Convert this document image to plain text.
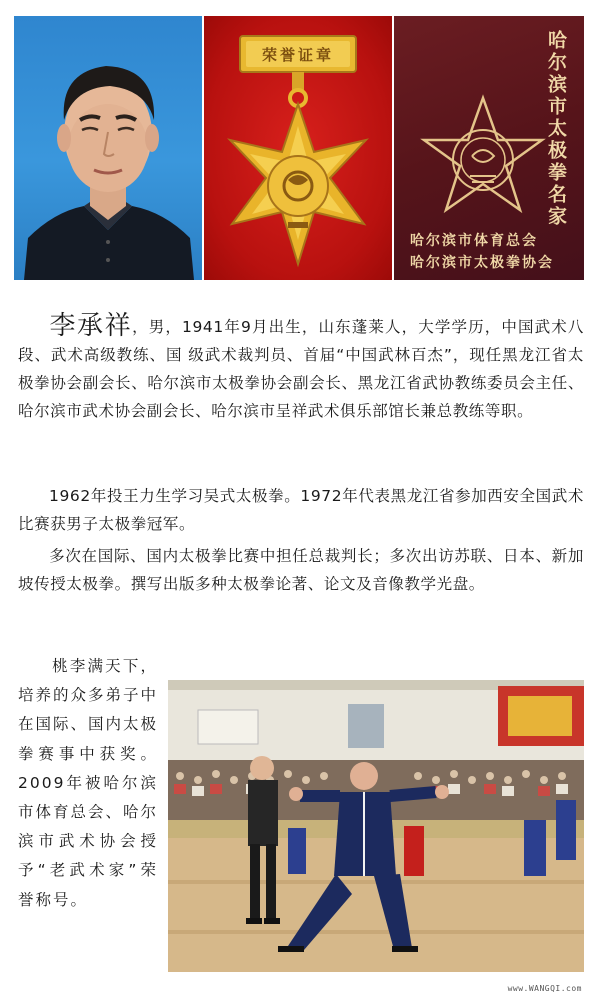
荣誉证章	哈尔滨市太极拳名家
哈尔滨市体育总会
哈尔滨市太极拳协会

李承祥，男，1941年9月出生，山东蓬莱人，大学学历，中国武术八段、武术高级教练、国 级武术裁判员、首届“中国武林百杰”，现任黑龙江省太极拳协会副会长、哈尔滨市太极拳协会副会长、黑龙江省武协教练委员会主任、哈尔滨市武术协会副会长、哈尔滨市呈祥武术俱乐部馆长兼总教练等职。

1962年投王力生学习吴式太极拳。1972年代表黑龙江省参加西安全国武术比赛获男子太极拳冠军。

多次在国际、国内太极拳比赛中担任总裁判长；多次出访苏联、日本、新加坡传授太极拳。撰写出版多种太极拳论著、论文及音像教学光盘。

桃李满天下，培养的众多弟子中在国际、国内太极拳赛事中获奖。2009年被哈尔滨市体育总会、哈尔滨市武术协会授予“老武术家”荣誉称号。

www.WANGQI.com
